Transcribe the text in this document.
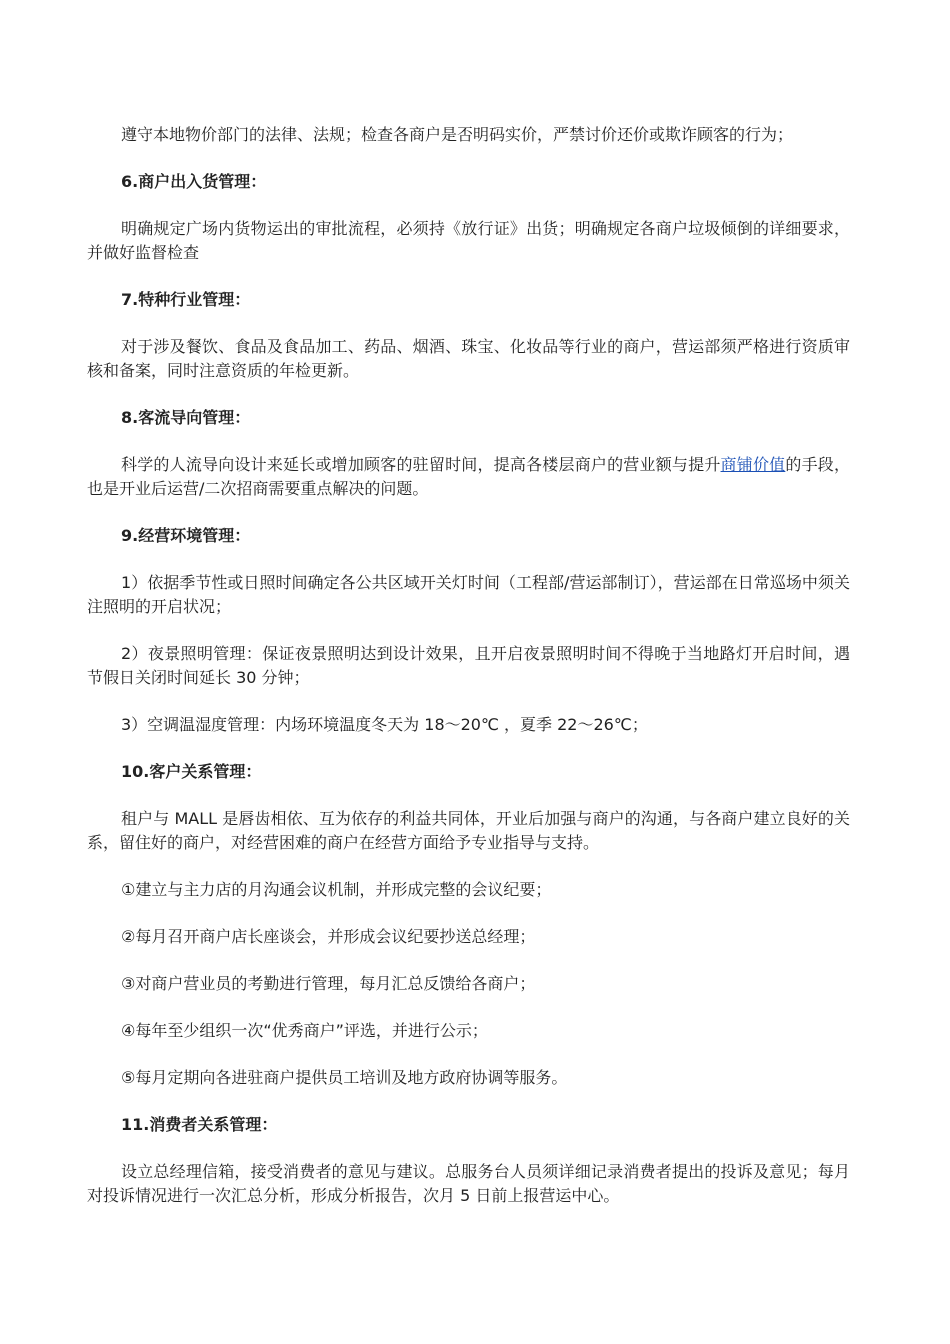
遵守本地物价部门的法律、法规；检查各商户是否明码实价，严禁讨价还价或欺诈顾客的行为；

6.商户出入货管理：

明确规定广场内货物运出的审批流程，必须持《放行证》出货；明确规定各商户垃圾倾倒的详细要求，并做好监督检查

7.特种行业管理：

对于涉及餐饮、食品及食品加工、药品、烟酒、珠宝、化妆品等行业的商户，营运部须严格进行资质审核和备案，同时注意资质的年检更新。

8.客流导向管理：

科学的人流导向设计来延长或增加顾客的驻留时间，提高各楼层商户的营业额与提升商铺价值的手段，也是开业后运营/二次招商需要重点解决的问题。

9.经营环境管理：

1）依据季节性或日照时间确定各公共区域开关灯时间（工程部/营运部制订），营运部在日常巡场中须关注照明的开启状况；

2）夜景照明管理：保证夜景照明达到设计效果，且开启夜景照明时间不得晚于当地路灯开启时间，遇节假日关闭时间延长 30 分钟；

3）空调温湿度管理：内场环境温度冬天为 18～20℃ ，夏季 22～26℃；

10.客户关系管理：

租户与 MALL 是唇齿相依、互为依存的利益共同体，开业后加强与商户的沟通，与各商户建立良好的关系，留住好的商户，对经营困难的商户在经营方面给予专业指导与支持。

①建立与主力店的月沟通会议机制，并形成完整的会议纪要；

②每月召开商户店长座谈会，并形成会议纪要抄送总经理；

③对商户营业员的考勤进行管理，每月汇总反馈给各商户；

④每年至少组织一次“优秀商户”评选，并进行公示；

⑤每月定期向各进驻商户提供员工培训及地方政府协调等服务。

11.消费者关系管理：

设立总经理信箱，接受消费者的意见与建议。总服务台人员须详细记录消费者提出的投诉及意见；每月对投诉情况进行一次汇总分析，形成分析报告，次月 5 日前上报营运中心。
